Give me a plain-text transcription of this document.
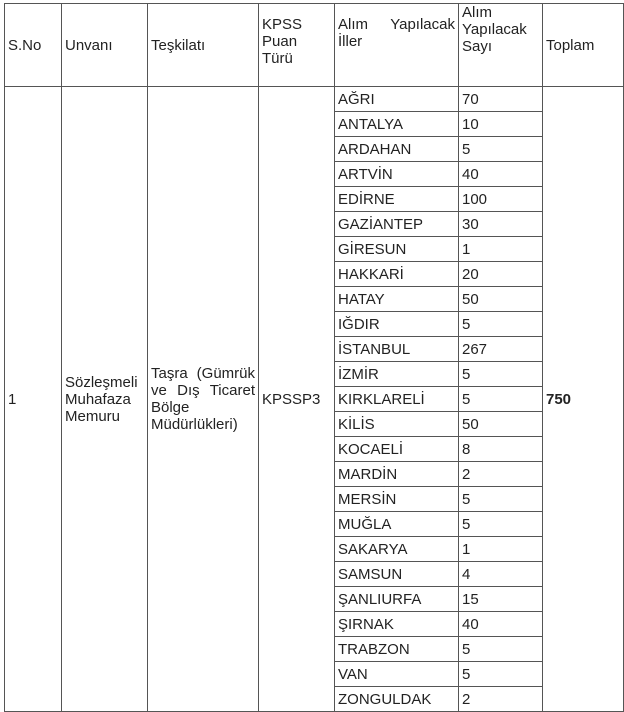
S.No	Unvanı	Teşkilatı	KPSS Puan Türü	Alım Yapılacak İller	Alım Yapılacak Sayı	Toplam
1	Sözleşmeli Muhafaza Memuru	Taşra (Gümrük ve Dış Ticaret Bölge Müdürlükleri)	KPSSP3	AĞRI	70	750
				ANTALYA	10	
				ARDAHAN	5	
				ARTVİN	40	
				EDİRNE	100	
				GAZİANTEP	30	
				GİRESUN	1	
				HAKKARİ	20	
				HATAY	50	
				IĞDIR	5	
				İSTANBUL	267	
				İZMİR	5	
				KIRKLARELİ	5	
				KİLİS	50	
				KOCAELİ	8	
				MARDİN	2	
				MERSİN	5	
				MUĞLA	5	
				SAKARYA	1	
				SAMSUN	4	
				ŞANLIURFA	15	
				ŞIRNAK	40	
				TRABZON	5	
				VAN	5	
				ZONGULDAK	2	
